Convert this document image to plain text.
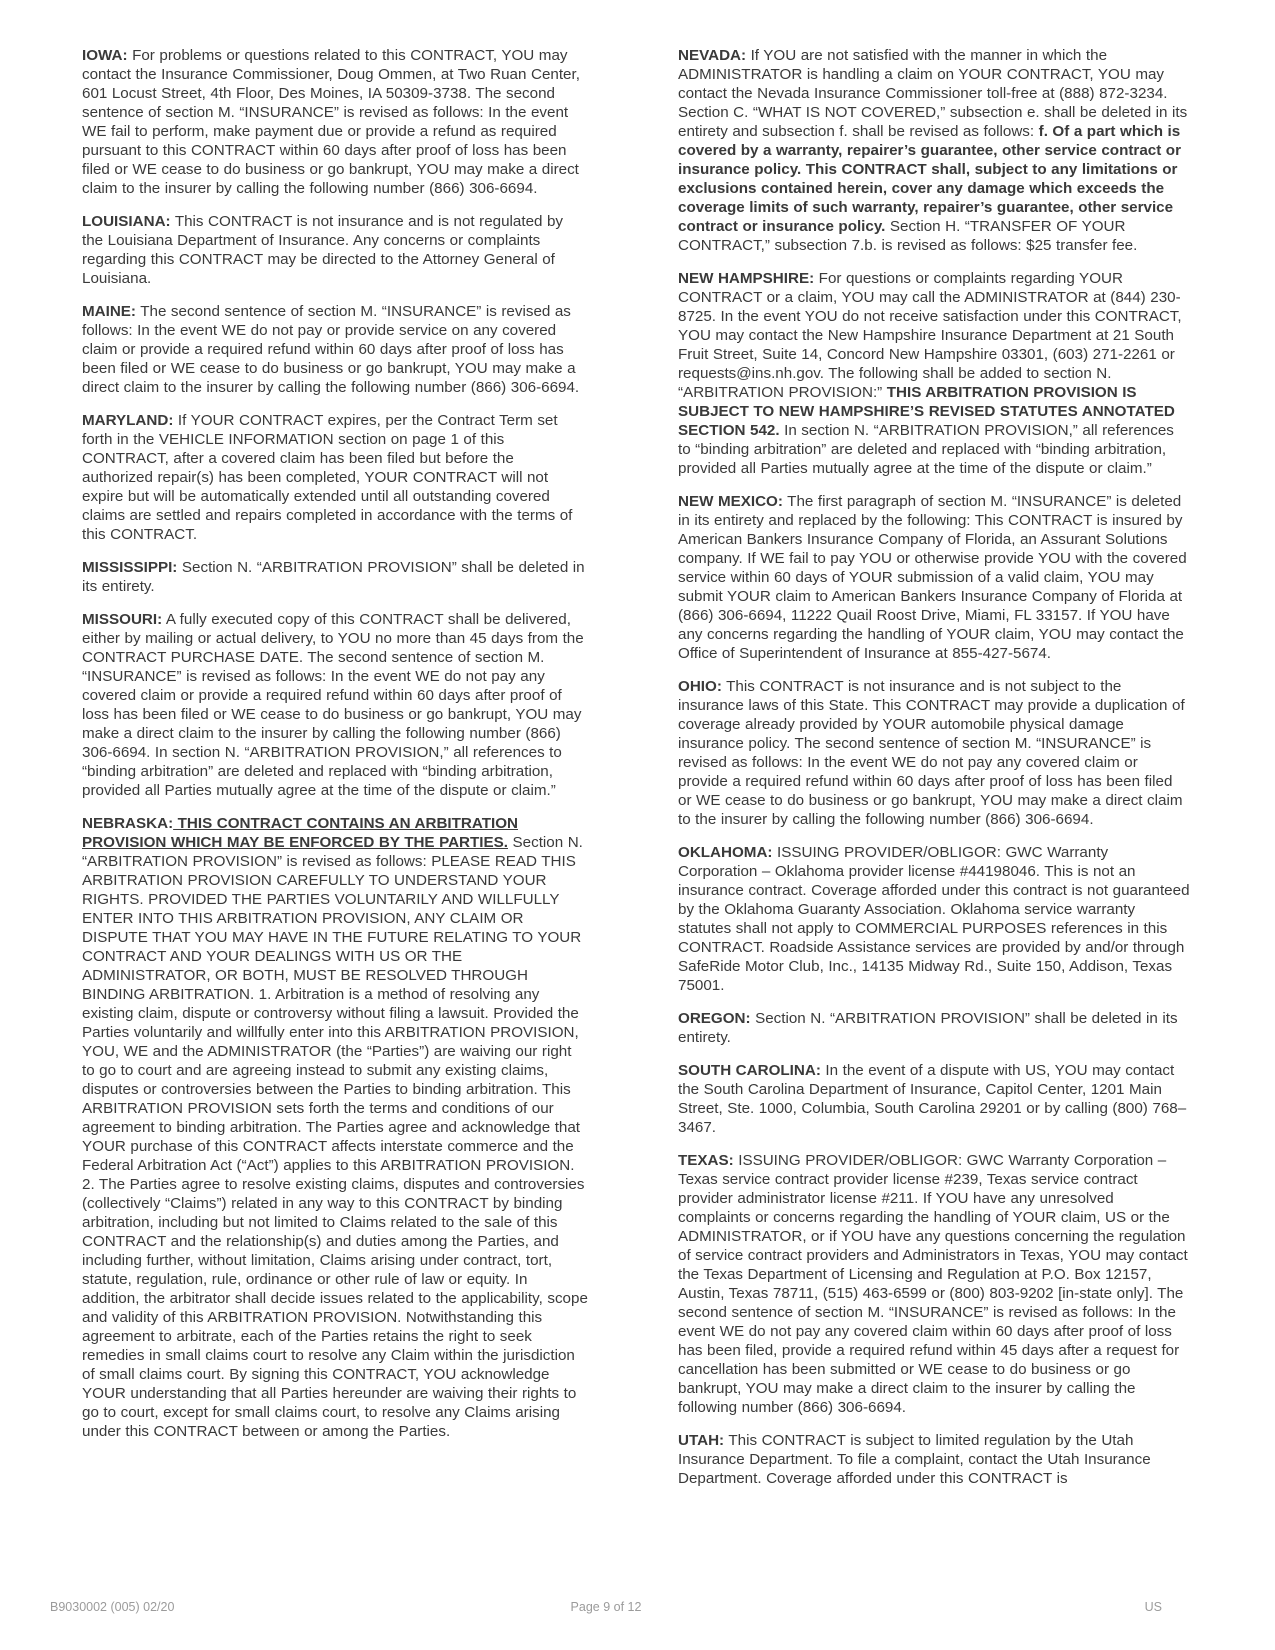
IOWA: For problems or questions related to this CONTRACT, YOU may contact the Insurance Commissioner, Doug Ommen, at Two Ruan Center, 601 Locust Street, 4th Floor, Des Moines, IA 50309-3738. The second sentence of section M. “INSURANCE” is revised as follows: In the event WE fail to perform, make payment due or provide a refund as required pursuant to this CONTRACT within 60 days after proof of loss has been filed or WE cease to do business or go bankrupt, YOU may make a direct claim to the insurer by calling the following number (866) 306-6694.

LOUISIANA: This CONTRACT is not insurance and is not regulated by the Louisiana Department of Insurance. Any concerns or complaints regarding this CONTRACT may be directed to the Attorney General of Louisiana.

MAINE: The second sentence of section M. “INSURANCE” is revised as follows: In the event WE do not pay or provide service on any covered claim or provide a required refund within 60 days after proof of loss has been filed or WE cease to do business or go bankrupt, YOU may make a direct claim to the insurer by calling the following number (866) 306-6694.

MARYLAND: If YOUR CONTRACT expires, per the Contract Term set forth in the VEHICLE INFORMATION section on page 1 of this CONTRACT, after a covered claim has been filed but before the authorized repair(s) has been completed, YOUR CONTRACT will not expire but will be automatically extended until all outstanding covered claims are settled and repairs completed in accordance with the terms of this CONTRACT.

MISSISSIPPI: Section N. “ARBITRATION PROVISION” shall be deleted in its entirety.

MISSOURI: A fully executed copy of this CONTRACT shall be delivered, either by mailing or actual delivery, to YOU no more than 45 days from the CONTRACT PURCHASE DATE. The second sentence of section M. “INSURANCE” is revised as follows: In the event WE do not pay any covered claim or provide a required refund within 60 days after proof of loss has been filed or WE cease to do business or go bankrupt, YOU may make a direct claim to the insurer by calling the following number (866) 306-6694. In section N. “ARBITRATION PROVISION,” all references to “binding arbitration” are deleted and replaced with “binding arbitration, provided all Parties mutually agree at the time of the dispute or claim.”

NEBRASKA: THIS CONTRACT CONTAINS AN ARBITRATION PROVISION WHICH MAY BE ENFORCED BY THE PARTIES. Section N. “ARBITRATION PROVISION” is revised as follows: PLEASE READ THIS ARBITRATION PROVISION CAREFULLY TO UNDERSTAND YOUR RIGHTS. PROVIDED THE PARTIES VOLUNTARILY AND WILLFULLY ENTER INTO THIS ARBITRATION PROVISION, ANY CLAIM OR DISPUTE THAT YOU MAY HAVE IN THE FUTURE RELATING TO YOUR CONTRACT AND YOUR DEALINGS WITH US OR THE ADMINISTRATOR, OR BOTH, MUST BE RESOLVED THROUGH BINDING ARBITRATION. 1. Arbitration is a method of resolving any existing claim, dispute or controversy without filing a lawsuit. Provided the Parties voluntarily and willfully enter into this ARBITRATION PROVISION, YOU, WE and the ADMINISTRATOR (the “Parties”) are waiving our right to go to court and are agreeing instead to submit any existing claims, disputes or controversies between the Parties to binding arbitration. This ARBITRATION PROVISION sets forth the terms and conditions of our agreement to binding arbitration. The Parties agree and acknowledge that YOUR purchase of this CONTRACT affects interstate commerce and the Federal Arbitration Act (“Act”) applies to this ARBITRATION PROVISION. 2. The Parties agree to resolve existing claims, disputes and controversies (collectively “Claims”) related in any way to this CONTRACT by binding arbitration, including but not limited to Claims related to the sale of this CONTRACT and the relationship(s) and duties among the Parties, and including further, without limitation, Claims arising under contract, tort, statute, regulation, rule, ordinance or other rule of law or equity. In addition, the arbitrator shall decide issues related to the applicability, scope and validity of this ARBITRATION PROVISION. Notwithstanding this agreement to arbitrate, each of the Parties retains the right to seek remedies in small claims court to resolve any Claim within the jurisdiction of small claims court. By signing this CONTRACT, YOU acknowledge YOUR understanding that all Parties hereunder are waiving their rights to go to court, except for small claims court, to resolve any Claims arising under this CONTRACT between or among the Parties.

NEVADA: If YOU are not satisfied with the manner in which the ADMINISTRATOR is handling a claim on YOUR CONTRACT, YOU may contact the Nevada Insurance Commissioner toll-free at (888) 872-3234. Section C. “WHAT IS NOT COVERED,” subsection e. shall be deleted in its entirety and subsection f. shall be revised as follows: f. Of a part which is covered by a warranty, repairer’s guarantee, other service contract or insurance policy. This CONTRACT shall, subject to any limitations or exclusions contained herein, cover any damage which exceeds the coverage limits of such warranty, repairer’s guarantee, other service contract or insurance policy. Section H. “TRANSFER OF YOUR CONTRACT,” subsection 7.b. is revised as follows: $25 transfer fee.

NEW HAMPSHIRE: For questions or complaints regarding YOUR CONTRACT or a claim, YOU may call the ADMINISTRATOR at (844) 230-8725. In the event YOU do not receive satisfaction under this CONTRACT, YOU may contact the New Hampshire Insurance Department at 21 South Fruit Street, Suite 14, Concord New Hampshire 03301, (603) 271-2261 or requests@ins.nh.gov. The following shall be added to section N. “ARBITRATION PROVISION:” THIS ARBITRATION PROVISION IS SUBJECT TO NEW HAMPSHIRE’S REVISED STATUTES ANNOTATED SECTION 542. In section N. “ARBITRATION PROVISION,” all references to “binding arbitration” are deleted and replaced with “binding arbitration, provided all Parties mutually agree at the time of the dispute or claim.”

NEW MEXICO: The first paragraph of section M. “INSURANCE” is deleted in its entirety and replaced by the following: This CONTRACT is insured by American Bankers Insurance Company of Florida, an Assurant Solutions company. If WE fail to pay YOU or otherwise provide YOU with the covered service within 60 days of YOUR submission of a valid claim, YOU may submit YOUR claim to American Bankers Insurance Company of Florida at (866) 306-6694, 11222 Quail Roost Drive, Miami, FL 33157. If YOU have any concerns regarding the handling of YOUR claim, YOU may contact the Office of Superintendent of Insurance at 855-427-5674.

OHIO: This CONTRACT is not insurance and is not subject to the insurance laws of this State. This CONTRACT may provide a duplication of coverage already provided by YOUR automobile physical damage insurance policy. The second sentence of section M. “INSURANCE” is revised as follows: In the event WE do not pay any covered claim or provide a required refund within 60 days after proof of loss has been filed or WE cease to do business or go bankrupt, YOU may make a direct claim to the insurer by calling the following number (866) 306-6694.

OKLAHOMA: ISSUING PROVIDER/OBLIGOR: GWC Warranty Corporation – Oklahoma provider license #44198046. This is not an insurance contract. Coverage afforded under this contract is not guaranteed by the Oklahoma Guaranty Association. Oklahoma service warranty statutes shall not apply to COMMERCIAL PURPOSES references in this CONTRACT. Roadside Assistance services are provided by and/or through SafeRide Motor Club, Inc., 14135 Midway Rd., Suite 150, Addison, Texas 75001.

OREGON: Section N. “ARBITRATION PROVISION” shall be deleted in its entirety.

SOUTH CAROLINA: In the event of a dispute with US, YOU may contact the South Carolina Department of Insurance, Capitol Center, 1201 Main Street, Ste. 1000, Columbia, South Carolina 29201 or by calling (800) 768–3467.

TEXAS: ISSUING PROVIDER/OBLIGOR: GWC Warranty Corporation – Texas service contract provider license #239, Texas service contract provider administrator license #211. If YOU have any unresolved complaints or concerns regarding the handling of YOUR claim, US or the ADMINISTRATOR, or if YOU have any questions concerning the regulation of service contract providers and Administrators in Texas, YOU may contact the Texas Department of Licensing and Regulation at P.O. Box 12157, Austin, Texas 78711, (515) 463-6599 or (800) 803-9202 [in-state only]. The second sentence of section M. “INSURANCE” is revised as follows: In the event WE do not pay any covered claim within 60 days after proof of loss has been filed, provide a required refund within 45 days after a request for cancellation has been submitted or WE cease to do business or go bankrupt, YOU may make a direct claim to the insurer by calling the following number (866) 306-6694.

UTAH: This CONTRACT is subject to limited regulation by the Utah Insurance Department. To file a complaint, contact the Utah Insurance Department. Coverage afforded under this CONTRACT is

B9030002 (005) 02/20	Page 9 of 12	US
